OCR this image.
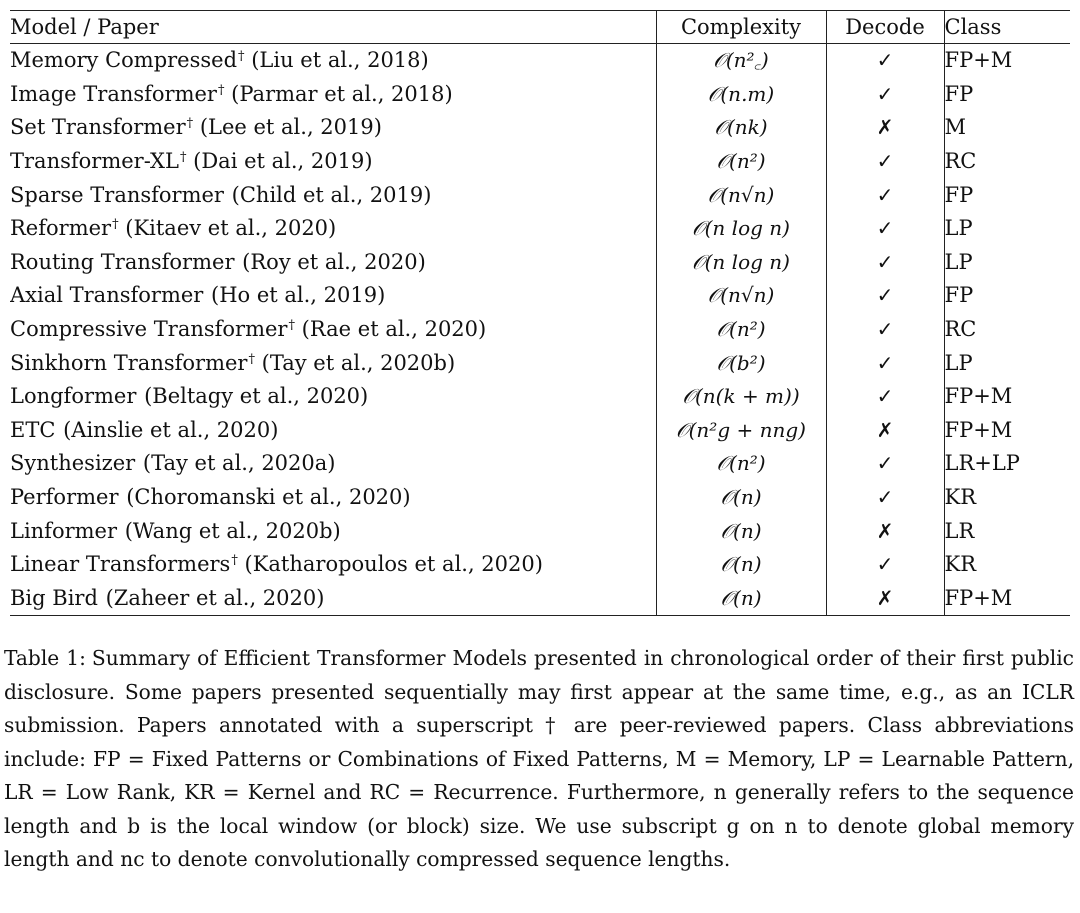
Model / Paper	Complexity	Decode	Class
Memory Compressed† (Liu et al., 2018)	𝒪(n²꜀)	✓	FP+M
Image Transformer† (Parmar et al., 2018)	𝒪(n.m)	✓	FP
Set Transformer† (Lee et al., 2019)	𝒪(nk)	✗	M
Transformer-XL† (Dai et al., 2019)	𝒪(n²)	✓	RC
Sparse Transformer (Child et al., 2019)	𝒪(n√n)	✓	FP
Reformer† (Kitaev et al., 2020)	𝒪(n log n)	✓	LP
Routing Transformer (Roy et al., 2020)	𝒪(n log n)	✓	LP
Axial Transformer (Ho et al., 2019)	𝒪(n√n)	✓	FP
Compressive Transformer† (Rae et al., 2020)	𝒪(n²)	✓	RC
Sinkhorn Transformer† (Tay et al., 2020b)	𝒪(b²)	✓	LP
Longformer (Beltagy et al., 2020)	𝒪(n(k + m))	✓	FP+M
ETC (Ainslie et al., 2020)	𝒪(n²g + nng)	✗	FP+M
Synthesizer (Tay et al., 2020a)	𝒪(n²)	✓	LR+LP
Performer (Choromanski et al., 2020)	𝒪(n)	✓	KR
Linformer (Wang et al., 2020b)	𝒪(n)	✗	LR
Linear Transformers† (Katharopoulos et al., 2020)	𝒪(n)	✓	KR
Big Bird (Zaheer et al., 2020)	𝒪(n)	✗	FP+M

Table 1: Summary of Efficient Transformer Models presented in chronological order of their first public disclosure. Some papers presented sequentially may first appear at the same time, e.g., as an ICLR submission. Papers annotated with a superscript † are peer-reviewed papers. Class abbreviations include: FP = Fixed Patterns or Combinations of Fixed Patterns, M = Memory, LP = Learnable Pattern, LR = Low Rank, KR = Kernel and RC = Recurrence. Furthermore, n generally refers to the sequence length and b is the local window (or block) size. We use subscript g on n to denote global memory length and nc to denote convolutionally compressed sequence lengths.
